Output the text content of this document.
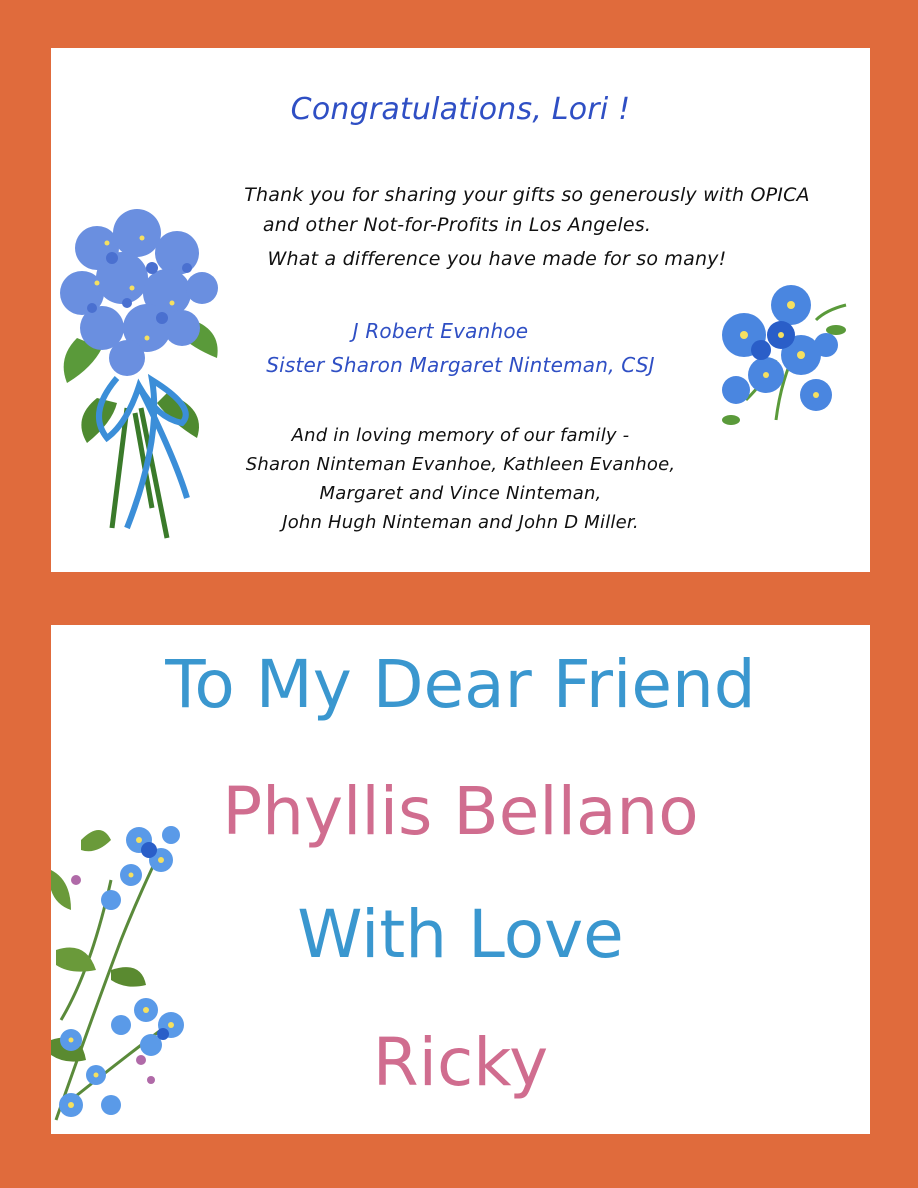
Congratulations, Lori !
Thank you for sharing your gifts so generously with OPICA
and other Not-for-Profits in Los Angeles.
What a difference you have made for so many!
J Robert Evanhoe
Sister Sharon Margaret Ninteman, CSJ
And in loving memory of our family -
Sharon Ninteman Evanhoe, Kathleen Evanhoe,
Margaret and Vince Ninteman,
John Hugh Ninteman and John D Miller.
To My Dear Friend
Phyllis Bellano
With Love
Ricky
